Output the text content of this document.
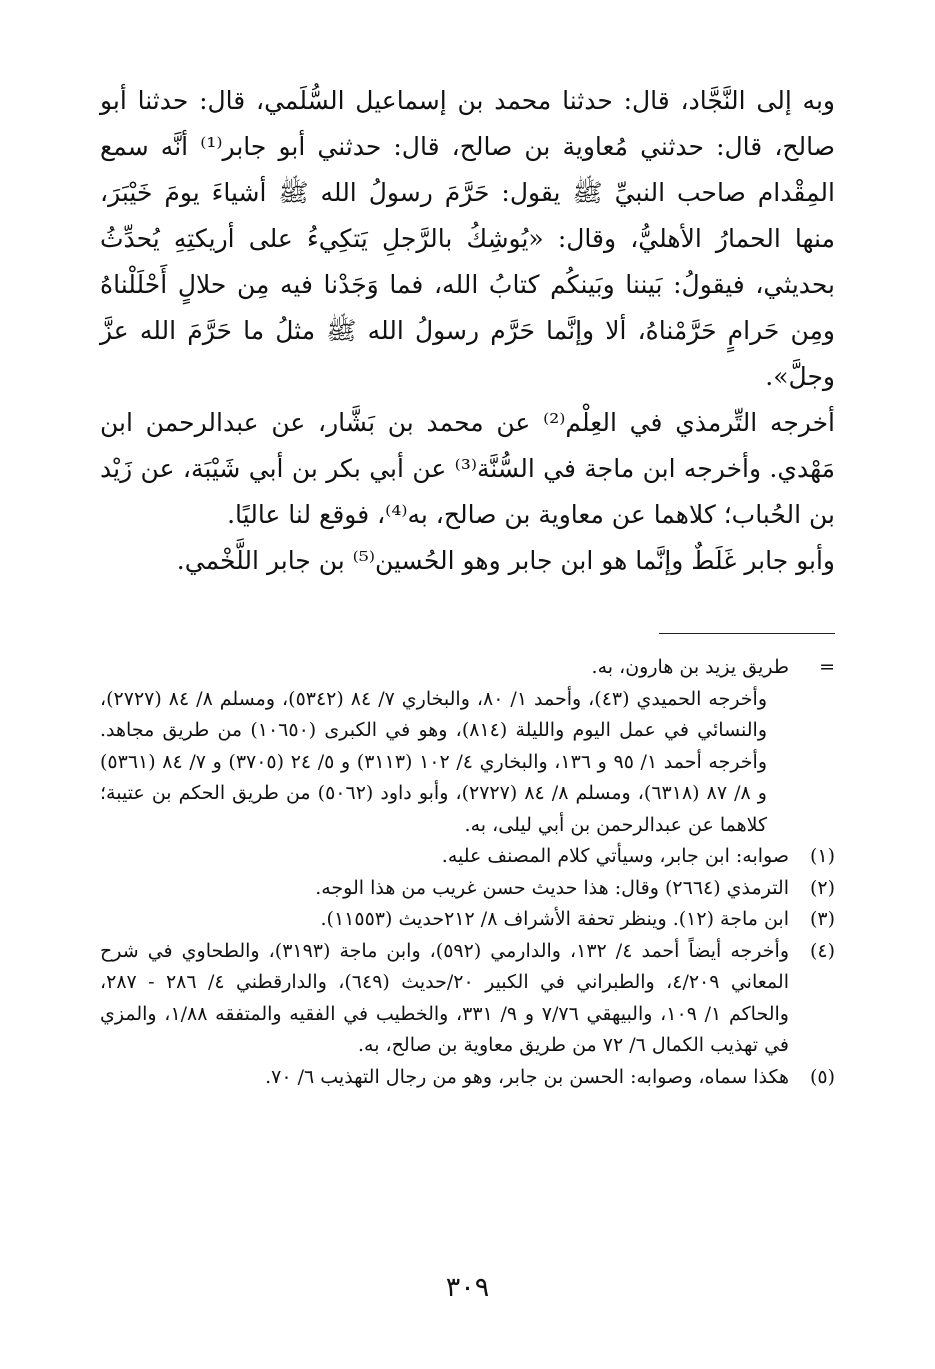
وبه إلى النَّجَّاد، قال: حدثنا محمد بن إسماعيل السُّلَمي، قال: حدثنا أبو صالح، قال: حدثني مُعاوية بن صالح، قال: حدثني أبو جابر⁽¹⁾ أنَّه سمع المِقْدام صاحب النبيِّ ﷺ يقول: حَرَّمَ رسولُ الله ﷺ أشياءَ يومَ خَيْبَرَ، منها الحمارُ الأهليُّ، وقال: «يُوشِكُ بالرَّجلِ يَتكِيءُ على أريكتِهِ يُحدِّثُ بحديثي، فيقولُ: بَيننا وبَينكُم كتابُ الله، فما وَجَدْنا فيه مِن حلالٍ أَحْلَلْناهُ ومِن حَرامٍ حَرَّمْناهُ، ألا وإنَّما حَرَّم رسولُ الله ﷺ مثلُ ما حَرَّمَ الله عزَّ وجلَّ».

أخرجه التِّرمذي في العِلْم⁽²⁾ عن محمد بن بَشَّار، عن عبدالرحمن ابن مَهْدي. وأخرجه ابن ماجة في السُّنَّة⁽³⁾ عن أبي بكر بن أبي شَيْبَة، عن زَيْد بن الحُباب؛ كلاهما عن معاوية بن صالح، به⁽⁴⁾، فوقع لنا عاليًا.

وأبو جابر غَلَطٌ وإنَّما هو ابن جابر وهو الحُسين⁽⁵⁾ بن جابر اللَّخْمي.

=
طريق يزيد بن هارون، به.
وأخرجه الحميدي (٤٣)، وأحمد ١/ ٨٠، والبخاري ٧/ ٨٤ (٥٣٤٢)، ومسلم ٨/ ٨٤ (٢٧٢٧)، والنسائي في عمل اليوم والليلة (٨١٤)، وهو في الكبرى (١٠٦٥٠) من طريق مجاهد. وأخرجه أحمد ١/ ٩٥ و ١٣٦، والبخاري ٤/ ١٠٢ (٣١١٣) و ٥/ ٢٤ (٣٧٠٥) و ٧/ ٨٤ (٥٣٦١) و ٨/ ٨٧ (٦٣١٨)، ومسلم ٨/ ٨٤ (٢٧٢٧)، وأبو داود (٥٠٦٢) من طريق الحكم بن عتيبة؛ كلاهما عن عبدالرحمن بن أبي ليلى، به.
(١)
صوابه: ابن جابر، وسيأتي كلام المصنف عليه.
(٢)
الترمذي (٢٦٦٤) وقال: هذا حديث حسن غريب من هذا الوجه.
(٣)
ابن ماجة (١٢). وينظر تحفة الأشراف ٨/ ٢١٢حديث (١١٥٥٣).
(٤)
وأخرجه أيضاً أحمد ٤/ ١٣٢، والدارمي (٥٩٢)، وابن ماجة (٣١٩٣)، والطحاوي في شرح المعاني ٤/٢٠٩، والطبراني في الكبير ٢٠/حديث (٦٤٩)، والدارقطني ٤/ ٢٨٦ - ٢٨٧، والحاكم ١/ ١٠٩، والبيهقي ٧/٧٦ و ٩/ ٣٣١، والخطيب في الفقيه والمتفقه ١/٨٨، والمزي في تهذيب الكمال ٦/ ٧٢ من طريق معاوية بن صالح، به.
(٥)
هكذا سماه، وصوابه: الحسن بن جابر، وهو من رجال التهذيب ٦/ ٧٠.
٣٠٩
